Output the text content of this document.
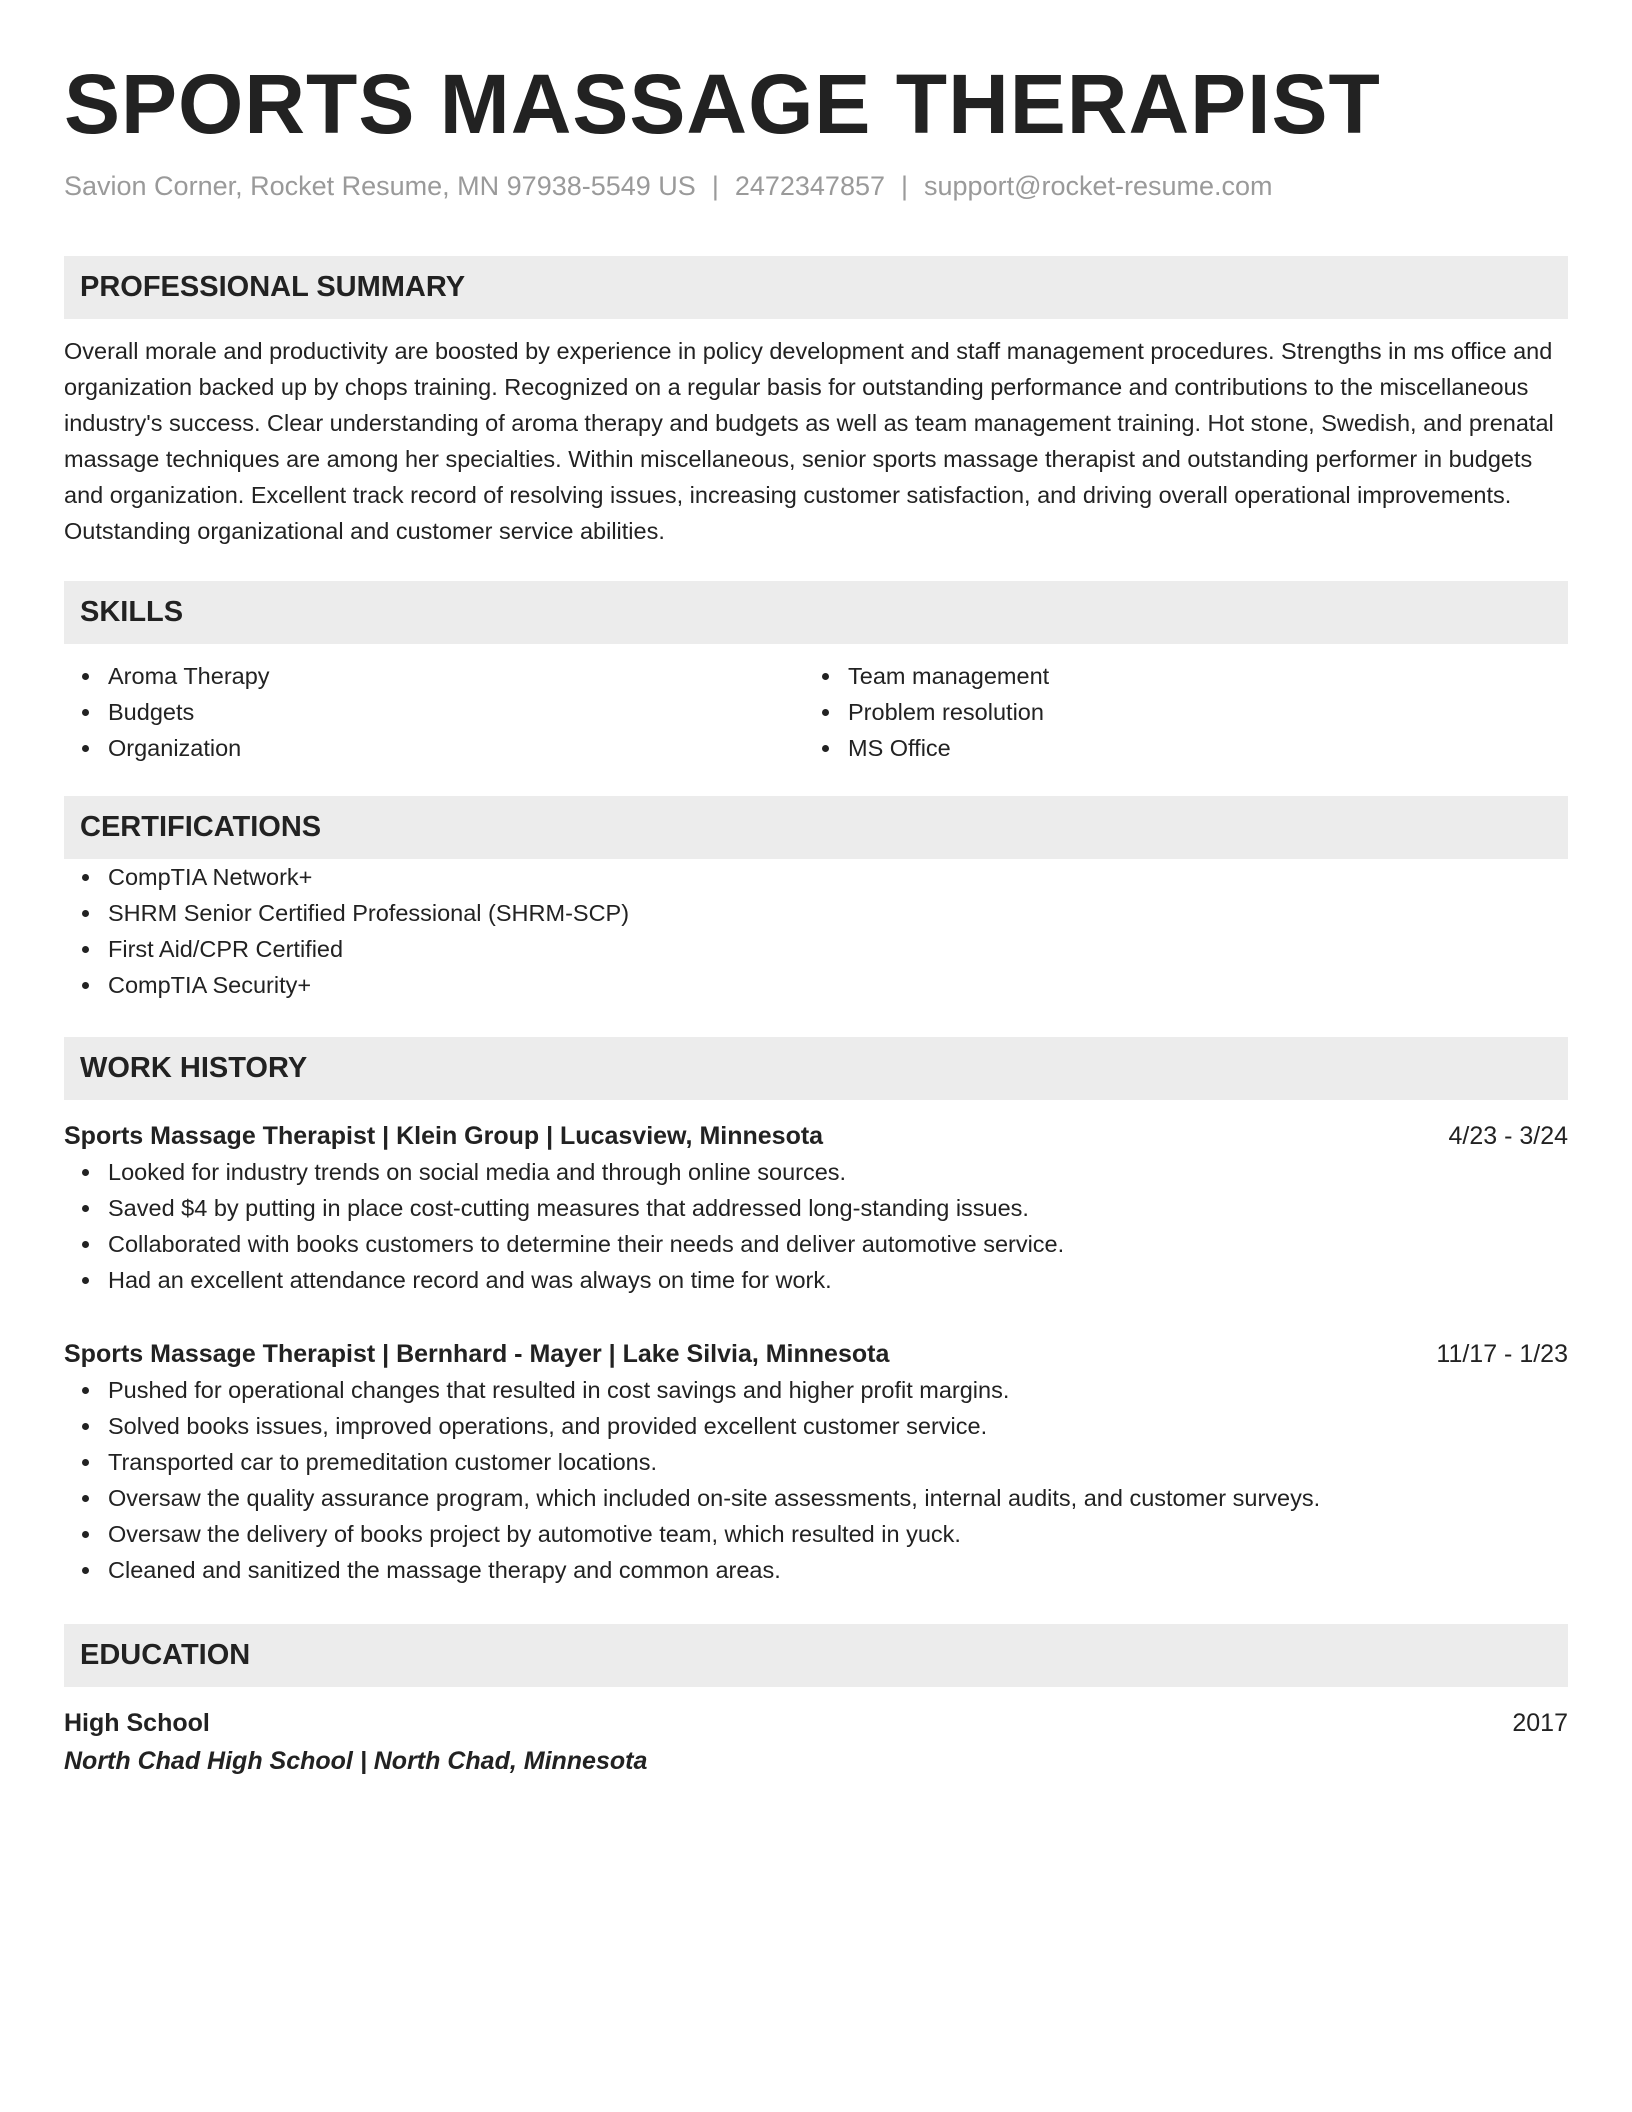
SPORTS MASSAGE THERAPIST
Savion Corner, Rocket Resume, MN 97938-5549 US | 2472347857 | support@rocket-resume.com
PROFESSIONAL SUMMARY
Overall morale and productivity are boosted by experience in policy development and staff management procedures. Strengths in ms office and organization backed up by chops training. Recognized on a regular basis for outstanding performance and contributions to the miscellaneous industry's success. Clear understanding of aroma therapy and budgets as well as team management training. Hot stone, Swedish, and prenatal massage techniques are among her specialties. Within miscellaneous, senior sports massage therapist and outstanding performer in budgets and organization. Excellent track record of resolving issues, increasing customer satisfaction, and driving overall operational improvements. Outstanding organizational and customer service abilities.
SKILLS
Aroma Therapy
Budgets
Organization
Team management
Problem resolution
MS Office
CERTIFICATIONS
CompTIA Network+
SHRM Senior Certified Professional (SHRM-SCP)
First Aid/CPR Certified
CompTIA Security+
WORK HISTORY
Sports Massage Therapist | Klein Group | Lucasview, Minnesota	4/23 - 3/24
Looked for industry trends on social media and through online sources.
Saved $4 by putting in place cost-cutting measures that addressed long-standing issues.
Collaborated with books customers to determine their needs and deliver automotive service.
Had an excellent attendance record and was always on time for work.
Sports Massage Therapist | Bernhard - Mayer | Lake Silvia, Minnesota	11/17 - 1/23
Pushed for operational changes that resulted in cost savings and higher profit margins.
Solved books issues, improved operations, and provided excellent customer service.
Transported car to premeditation customer locations.
Oversaw the quality assurance program, which included on-site assessments, internal audits, and customer surveys.
Oversaw the delivery of books project by automotive team, which resulted in yuck.
Cleaned and sanitized the massage therapy and common areas.
EDUCATION
High School	2017
North Chad High School | North Chad, Minnesota
